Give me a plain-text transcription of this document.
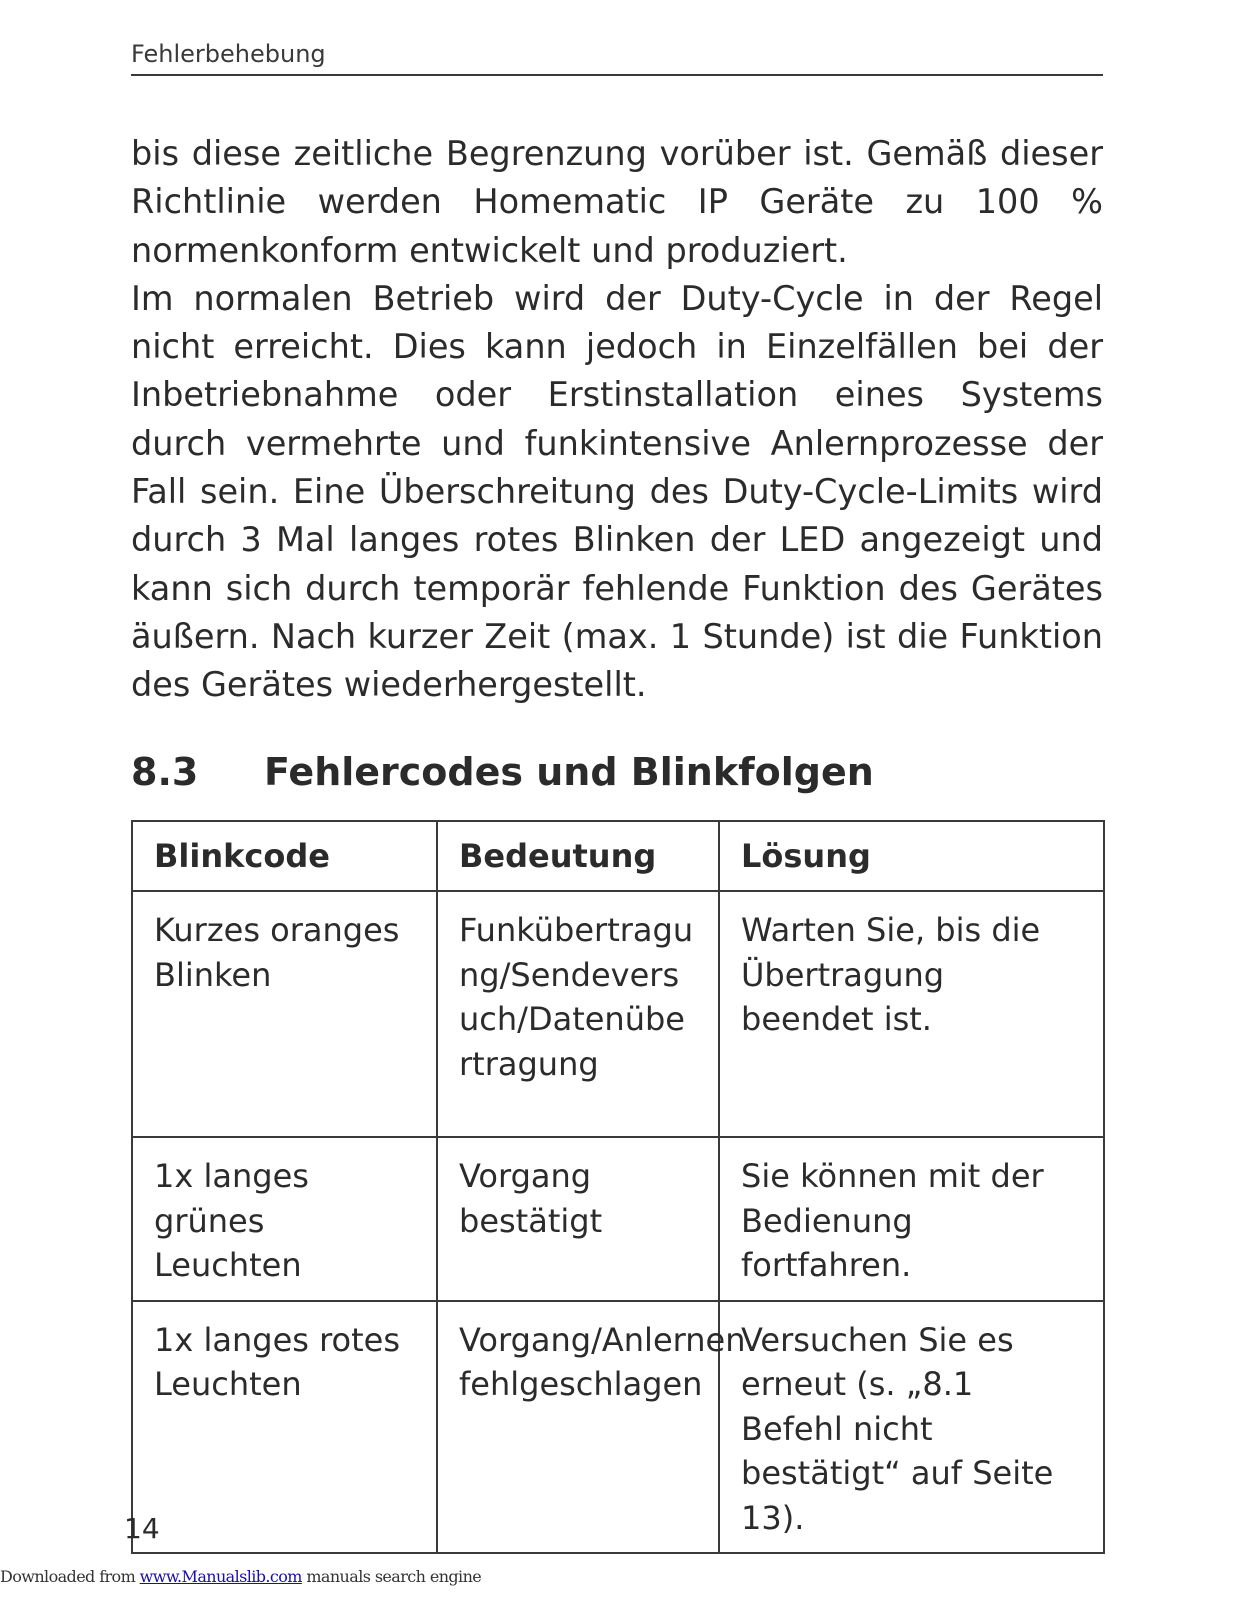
Fehlerbehebung

bis diese zeitliche Begrenzung vorüber ist. Gemäß dieser Richtlinie werden Homematic IP Geräte zu 100 % normenkonform entwickelt und produziert.

Im normalen Betrieb wird der Duty-Cycle in der Regel nicht erreicht. Dies kann jedoch in Einzelfällen bei der Inbetriebnahme oder Erstinstallation eines Systems durch vermehrte und funkintensive Anlernprozesse der Fall sein. Eine Überschreitung des Duty-Cycle-Limits wird durch 3 Mal langes rotes Blinken der LED angezeigt und kann sich durch temporär fehlende Funktion des Gerätes äußern. Nach kurzer Zeit (max. 1 Stunde) ist die Funktion des Gerätes wiederhergestellt.

8.3 Fehlercodes und Blinkfolgen
Blinkcode	Bedeutung	Lösung
Kurzes oranges Blinken	Funkübertragung/Sendeversuch/Datenübertragung	Warten Sie, bis die Übertragung beendet ist.
1x langes grünes Leuchten	Vorgang bestätigt	Sie können mit der Bedienung fortfahren.
1x langes rotes Leuchten	Vorgang/Anlernen fehlgeschlagen	Versuchen Sie es erneut (s. „8.1 Befehl nicht bestätigt“ auf Seite 13).
14
Downloaded from www.Manualslib.com manuals search engine
